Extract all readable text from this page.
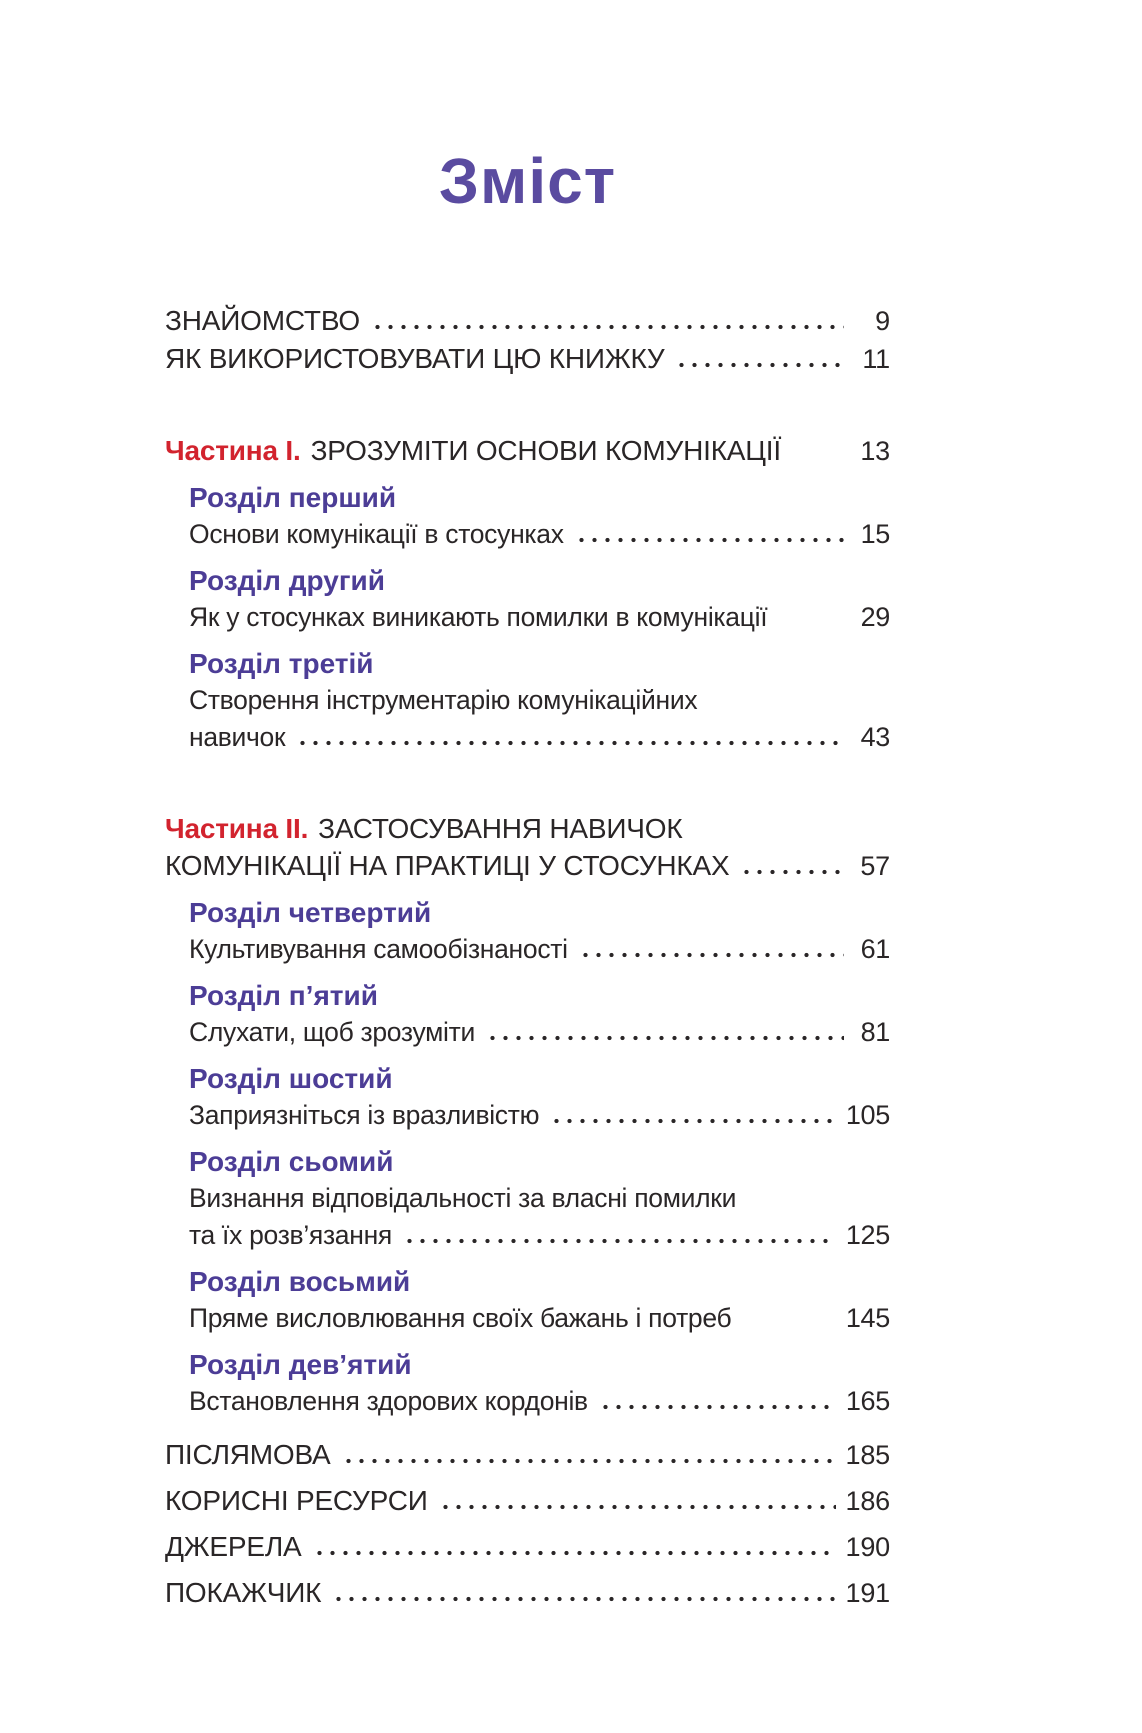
Зміст
ЗНАЙОМСТВО	9
ЯК ВИКОРИСТОВУВАТИ ЦЮ КНИЖКУ	11
Частина I. ЗРОЗУМІТИ ОСНОВИ КОМУНІКАЦІЇ	13
Розділ перший
Основи комунікації в стосунках	15
Розділ другий
Як у стосунках виникають помилки в комунікації	29
Розділ третій
Створення інструментарію комунікаційних
навичок	43
Частина II. ЗАСТОСУВАННЯ НАВИЧОК
КОМУНІКАЦІЇ НА ПРАКТИЦІ У СТОСУНКАХ	57
Розділ четвертий
Культивування самообізнаності	61
Розділ п’ятий
Слухати, щоб зрозуміти	81
Розділ шостий
Заприязніться із вразливістю	105
Розділ сьомий
Визнання відповідальності за власні помилки
та їх розв’язання	125
Розділ восьмий
Пряме висловлювання своїх бажань і потреб	145
Розділ дев’ятий
Встановлення здорових кордонів	165
ПІСЛЯМОВА	185
КОРИСНІ РЕСУРСИ	186
ДЖЕРЕЛА	190
ПОКАЖЧИК	191
